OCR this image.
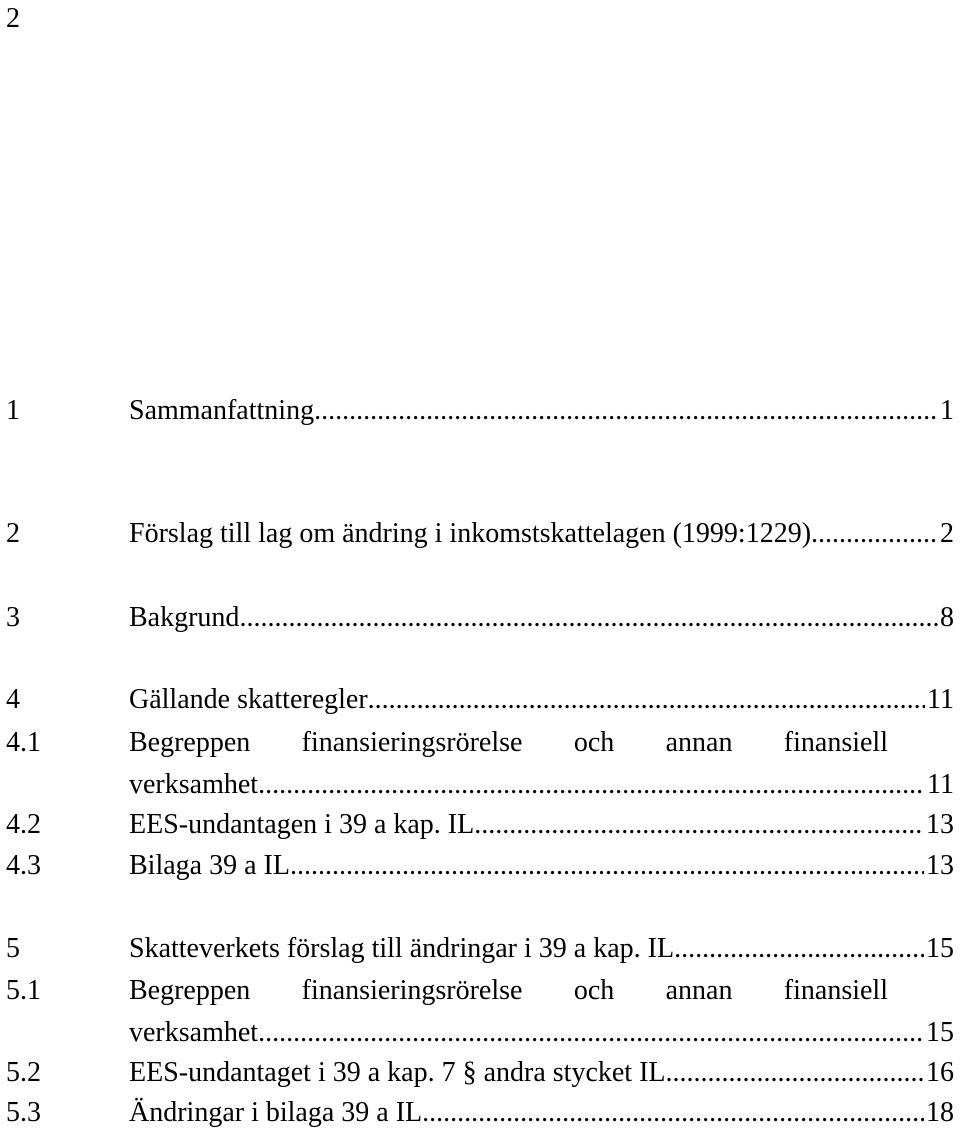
2
1	Sammanfattning .....	1
2	Förslag till lag om ändring i inkomstskattelagen (1999:1229) .....	2
3	Bakgrund .....	8
4	Gällande skatteregler .....	11
4.1	Begreppen finansieringsrörelse och annan finansiell
verksamhet .....	11
4.2	EES-undantagen i 39 a kap. IL .....	13
4.3	Bilaga 39 a IL .....	13
5	Skatteverkets förslag till ändringar i 39 a kap. IL .....	15
5.1	Begreppen finansieringsrörelse och annan finansiell
verksamhet .....	15
5.2	EES-undantaget i 39 a kap. 7 § andra stycket IL .....	16
5.3	Ändringar i bilaga 39 a IL .....	18
